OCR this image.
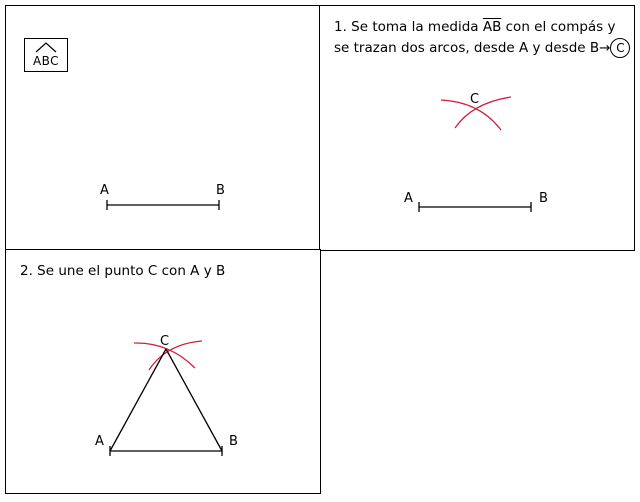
ABC
A	B
1. Se toma la medida $\overline{AB}$ con el compás y se trazan dos arcos, desde A y desde B→ C
C
A	B
2. Se une el punto C con A y B
C
A	B
